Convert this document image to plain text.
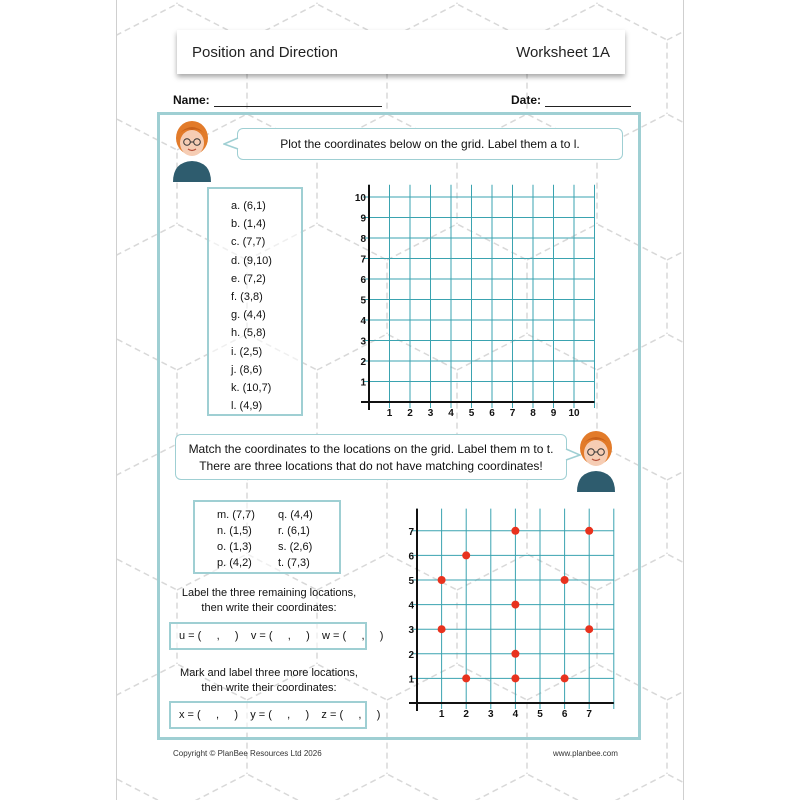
Position and Direction	Worksheet 1A
Name:	Date:
Plot the coordinates below on the grid. Label them a to l.
a. (6,1)
b. (1,4)
c. (7,7)
d. (9,10)
e. (7,2)
f. (3,8)
g. (4,4)
h. (5,8)
i. (2,5)
j. (8,6)
k. (10,7)
l. (4,9)
1 2 3 4 5 6 7 8 9 10
1
2
3
4
5
6
7
8
9
10
Match the coordinates to the locations on the grid. Label them m to t.
There are three locations that do not have matching coordinates!
m. (7,7)	q. (4,4)
n. (1,5)	r. (6,1)
o. (1,3)	s. (2,6)
p. (4,2)	t. (7,3)
Label the three remaining locations,
then write their coordinates:
u = (     ,     )    v = (     ,     )    w = (     ,     )
Mark and label three more locations,
then write their coordinates:
x = (     ,     )    y = (     ,     )    z = (     ,     )	1 2 3 4 5 6 7
1
2
3
4
5
6
7
Copyright © PlanBee Resources Ltd 2026	www.planbee.com
